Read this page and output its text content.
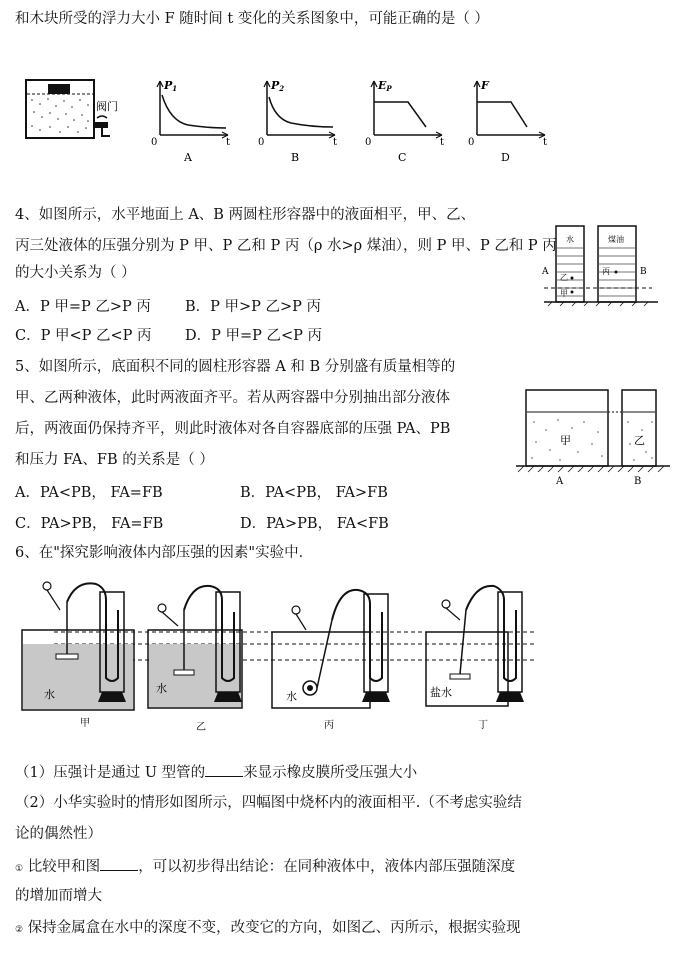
和木块所受的浮力大小 F 随时间 t 变化的关系图象中，可能正确的是（ ）
阀门
P1
0	t
A
P2
0	t
B
EP
0	t
C
F
0	t
D
4、如图所示，水平地面上 A、B 两圆柱形容器中的液面相平，甲、乙、
丙三处液体的压强分别为 P 甲、P 乙和 P 丙（ρ 水>ρ 煤油），则 P 甲、P 乙和 P 丙
的大小关系为（ ）
A．P 甲=P 乙>P 丙 B．P 甲>P 乙>P 丙
C．P 甲<P 乙<P 丙 D．P 甲=P 乙<P 丙
水	煤油
甲
乙
丙
A	B
5、如图所示，底面积不同的圆柱形容器 A 和 B 分别盛有质量相等的
甲、乙两种液体，此时两液面齐平。若从两容器中分别抽出部分液体
后，两液面仍保持齐平，则此时液体对各自容器底部的压强 PA、PB
和压力 FA、FB 的关系是（ ）
A．PA<PB， FA=FB	B．PA<PB， FA>FB
C．PA>PB， FA=FB	D．PA>PB， FA<FB
甲	乙
A	B
6、在"探究影响液体内部压强的因素"实验中．
水
甲
水
乙
水
丙
盐水
丁
（1）压强计是通过 U 型管的	来显示橡皮膜所受压强大小
（2）小华实验时的情形如图所示，四幅图中烧杯内的液面相平.（不考虑实验结
论的偶然性）
① 比较甲和图	，可以初步得出结论：在同种液体中，液体内部压强随深度
的增加而增大
② 保持金属盒在水中的深度不变，改变它的方向，如图乙、丙所示，根据实验现
